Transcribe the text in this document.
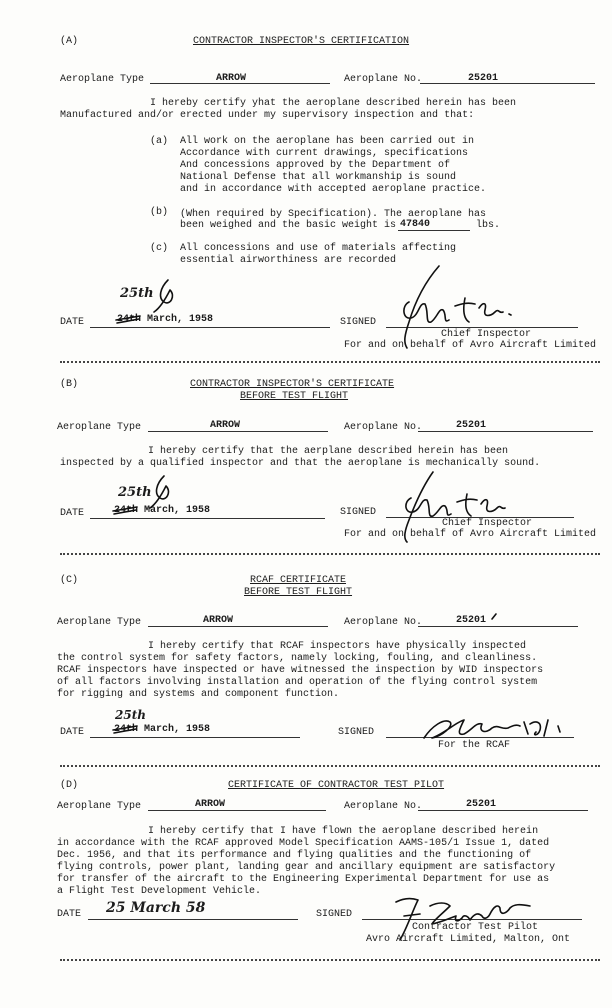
(A)	CONTRACTOR INSPECTOR'S CERTIFICATION
Aeroplane Type	ARROW	Aeroplane No.	25201
I hereby certify yhat the aeroplane described herein has been
Manufactured and/or erected under my supervisory inspection and that:
(a) All work on the aeroplane has been carried out in
Accordance with current drawings, specifications
And concessions approved by the Department of
National Defense that all workmanship is sound
and in accordance with accepted aeroplane practice.
(b) (When required by Specification). The aeroplane has
been weighed and the basic weight is 47840	lbs.
(c) All concessions and use of materials affecting
essential airworthiness are recorded
DATE	24th March, 1958
25th
SIGNED
Chief Inspector
For and on behalf of Avro Aircraft Limited
(B)	CONTRACTOR INSPECTOR'S CERTIFICATE
BEFORE TEST FLIGHT
Aeroplane Type	ARROW	Aeroplane No.	25201
I hereby certify that the aerplane described herein has been
inspected by a qualified inspector and that the aeroplane is mechanically sound.
DATE	24th March, 1958
25th
SIGNED
Chief Inspector
For and on behalf of Avro Aircraft Limited
(C)	RCAF CERTIFICATE
BEFORE TEST FLIGHT
Aeroplane Type	ARROW	Aeroplane No.	25201
I hereby certify that RCAF inspectors have physically inspected
the control system for safety factors, namely locking, fouling, and cleanliness.
RCAF inspectors have inspected or have witnessed the inspection by WID inspectors
of all factors involving installation and operation of the flying control system
for rigging and systems and component function.
DATE	24th March, 1958
25th
SIGNED
For the RCAF
(D)	CERTIFICATE OF CONTRACTOR TEST PILOT
Aeroplane Type	ARROW	Aeroplane No.	25201
I hereby certify that I have flown the aeroplane described herein
in accordance with the RCAF approved Model Specification AAMS-105/1 Issue 1, dated
Dec. 1956, and that its performance and flying qualities and the functioning of
flying controls, power plant, landing gear and ancillary equipment are satisfactory
for transfer of the aircraft to the Engineering Experimental Department for use as
a Flight Test Development Vehicle.
DATE 25 March 58	SIGNED
Contractor Test Pilot
Avro Aircraft Limited, Malton, Ont
